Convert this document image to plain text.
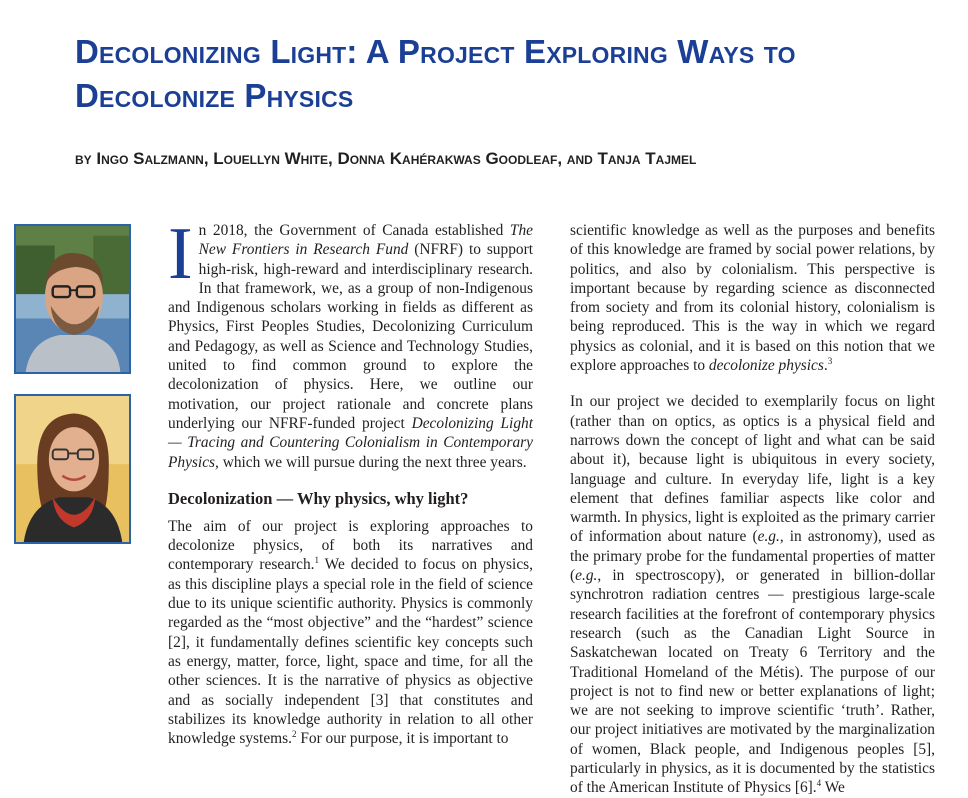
Decolonizing Light: A Project Exploring Ways to
Decolonize Physics
by Ingo Salzmann, Louellyn White, Donna Kahérakwas Goodleaf, and Tanja Tajmel

In 2018, the Government of Canada established The New Frontiers in Research Fund (NFRF) to support high-risk, high-reward and interdisciplinary research. In that framework, we, as a group of non-Indigenous and Indigenous scholars working in fields as different as Physics, First Peoples Studies, Decolonizing Curriculum and Pedagogy, as well as Science and Technology Studies, united to find common ground to explore the decolonization of physics. Here, we outline our motivation, our project rationale and concrete plans underlying our NFRF-funded project Decolonizing Light — Tracing and Countering Colonialism in Contemporary Physics, which we will pursue during the next three years.

Decolonization — Why physics, why light?

The aim of our project is exploring approaches to decolonize physics, of both its narratives and contemporary research.$^1$ We decided to focus on physics, as this discipline plays a special role in the field of science due to its unique scientific authority. Physics is commonly regarded as the “most objective” and the “hardest” science [2], it fundamentally defines scientific key concepts such as energy, matter, force, light, space and time, for all the other sciences. It is the narrative of physics as objective and as socially independent [3] that constitutes and stabilizes its knowledge authority in relation to all other knowledge systems.$^2$ For our purpose, it is important to

scientific knowledge as well as the purposes and benefits of this knowledge are framed by social power relations, by politics, and also by colonialism. This perspective is important because by regarding science as disconnected from society and from its colonial history, colonialism is being reproduced. This is the way in which we regard physics as colonial, and it is based on this notion that we explore approaches to decolonize physics.$^3$

In our project we decided to exemplarily focus on light (rather than on optics, as optics is a physical field and narrows down the concept of light and what can be said about it), because light is ubiquitous in every society, language and culture. In everyday life, light is a key element that defines familiar aspects like color and warmth. In physics, light is exploited as the primary carrier of information about nature (e.g., in astronomy), used as the primary probe for the fundamental properties of matter (e.g., in spectroscopy), or generated in billion-dollar synchrotron radiation centres — prestigious large-scale research facilities at the forefront of contemporary physics research (such as the Canadian Light Source in Saskatchewan located on Treaty 6 Territory and the Traditional Homeland of the Métis). The purpose of our project is not to find new or better explanations of light; we are not seeking to improve scientific ‘truth’. Rather, our project initiatives are motivated by the marginalization of women, Black people, and Indigenous peoples [5], particularly in physics, as it is documented by the statistics of the American Institute of Physics [6].$^4$ We
